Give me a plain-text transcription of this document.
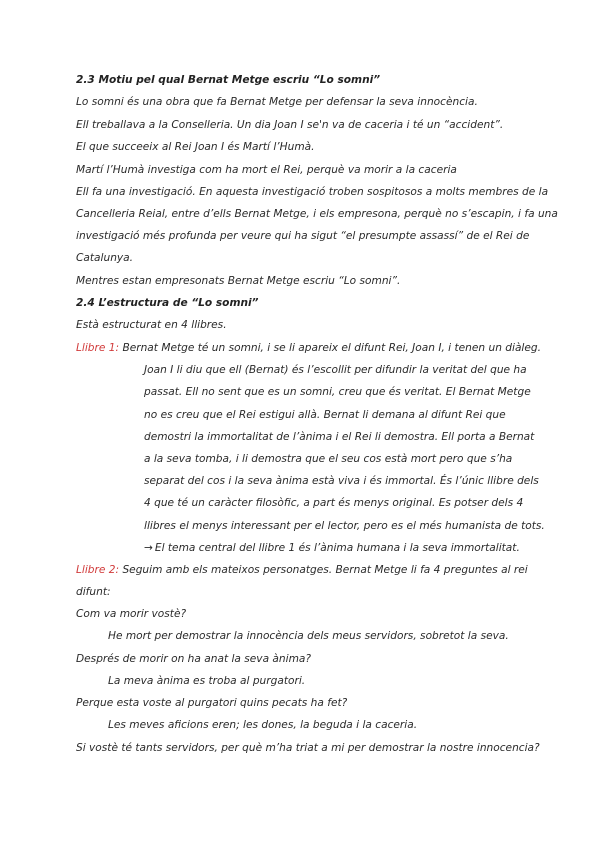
2.3 Motiu pel qual Bernat Metge escriu “Lo somni”
Lo somni és una obra que fa Bernat Metge per defensar la seva innocència.
Ell treballava a la Conselleria. Un dia Joan I se'n va de caceria i té un “accident”.
El que succeeix al Rei Joan I és Martí l’Humà.
Martí l’Humà investiga com ha mort el Rei, perquè va morir a la caceria
Ell fa una investigació. En aquesta investigació troben sospitosos a molts membres de la
Cancelleria Reial, entre d’ells Bernat Metge, i els empresona, perquè no s’escapin, i fa una
investigació més profunda per veure qui ha sigut “el presumpte assassí” de el Rei de
Catalunya.
Mentres estan empresonats Bernat Metge escriu “Lo somni”.
2.4 L’estructura de “Lo somni”
Està estructurat en 4 llibres.
Llibre 1: Bernat Metge té un somni, i se li apareix el difunt Rei, Joan I, i tenen un diàleg.
Joan I li diu que ell (Bernat) és l’escollit per difundir la veritat del que ha
passat. Ell no sent que es un somni, creu que és veritat. El Bernat Metge
no es creu que el Rei estigui allà. Bernat li demana al difunt Rei que
demostri la immortalitat de l’ànima i el Rei li demostra. Ell porta a Bernat
a la seva tomba, i li demostra que el seu cos està mort pero que s’ha
separat del cos i la seva ànima està viva i és immortal. És l’únic llibre dels
4 que té un caràcter filosòfic, a part és menys original. Es potser dels 4
llibres el menys interessant per el lector, pero es el més humanista de tots.
→ El tema central del llibre 1 és l’ànima humana i la seva immortalitat.
Llibre 2: Seguim amb els mateixos personatges. Bernat Metge li fa 4 preguntes al rei
difunt:
Com va morir vostè?
He mort per demostrar la innocència dels meus servidors, sobretot la seva.
Després de morir on ha anat la seva ànima?
La meva ànima es troba al purgatori.
Perque esta voste al purgatori quins pecats ha fet?
Les meves aficions eren; les dones, la beguda i la caceria.
Si vostè té tants servidors, per què m’ha triat a mi per demostrar la nostre innocencia?
